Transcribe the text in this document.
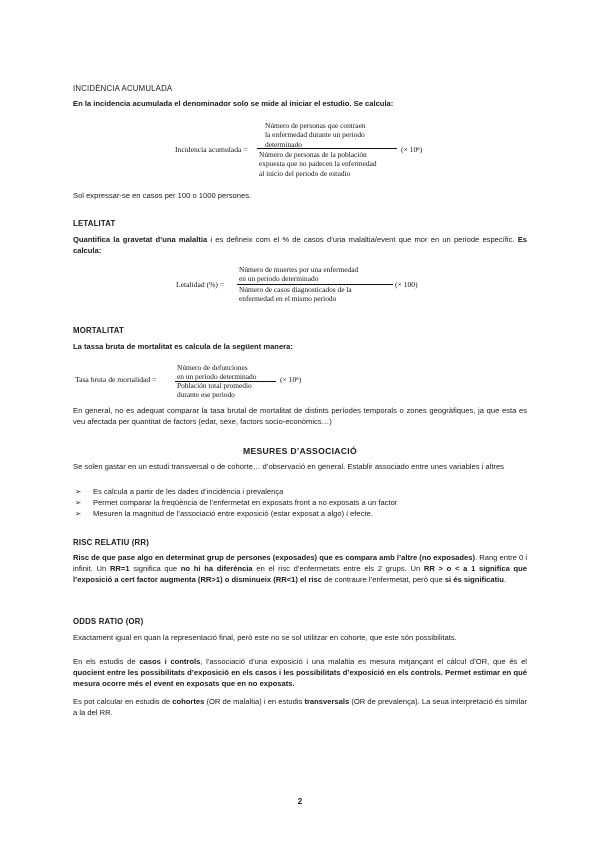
INCIDÈNCIA ACUMULADA
En la incidencia acumulada el denominador solo se mide al iniciar el estudio. Se calcula:
Incidencia acumulada =
Número de personas que contraen
la enfermedad durante un periodo
determinado
Número de personas de la población
expuesta que no padecen la enfermedad
al inicio del periodo de estudio
(× 10ⁿ)
Sol expressar-se en casos per 100 o 1000 persones.
LETALITAT
Quantifica la gravetat d’una malaltia i es defineix com el % de casos d’una malaltia/event que mor en un periode específic. Es calcula:
Letalidad (%) =
Número de muertes por una enfermedad
en un periodo determinado
Número de casos diagnosticados de la
enfermedad en el mismo periodo
(× 100)
MORTALITAT
La tassa bruta de mortalitat es calcula de la següent manera:
Tasa bruta de mortalidad =
Número de defunciones
en un periodo determinado
Población total promedio
durante ese periodo
(× 10ⁿ)
En general, no es adequat comparar la tasa brutal de mortalitat de distints períodes temporals o zones geogràfiques, ja que esta es veu afectada per quantitat de factors (edat, sexe, factors socio-econòmics…)
MESURES D’ASSOCIACIÓ
Se solen gastar en un estudi transversal o de cohorte… d’observació en general. Establir associado entre unes variables i altres
➢ Es calcula a partir de les dades d’incidència i prevalença
➢ Permet comparar la freqüència de l’enfermetat en exposats front a no exposats a un factor
➢ Mesuren la magnitud de l’associació entre exposició (estar exposat a algo) i efecte.
RISC RELATIU (RR)
Risc de que pase algo en determinat grup de persones (exposades) que es compara amb l’altre (no exposades). Rang entre 0 i infinit. Un RR=1 significa que no hi ha diferència en el risc d’enfermetats entre els 2 grups. Un RR > o < a 1 significa que l’exposició a cert factor augmenta (RR>1) o disminueix (RR<1) el risc de contraure l’enfermetat, però que si és significatiu.
ODDS RATIO (OR)
Exactament igual en quan la representació final, però este no se sol utilitzar en cohorte, que este són possibilitats.
En els estudis de casos i controls, l’associació d’una exposició i una malaltia es mesura mitjançant el càlcul d’OR, que és el quocient entre les possibilitats d’exposició en els casos i les possibilitats d’exposició en els controls. Permet estimar en qué mesura ocorre més el event en exposats que en no exposats.
Es pot calcular en estudis de cohortes (OR de malaltia) i en estudis transversals (OR de prevalença). La seua interpretació és similar a la del RR.
2
